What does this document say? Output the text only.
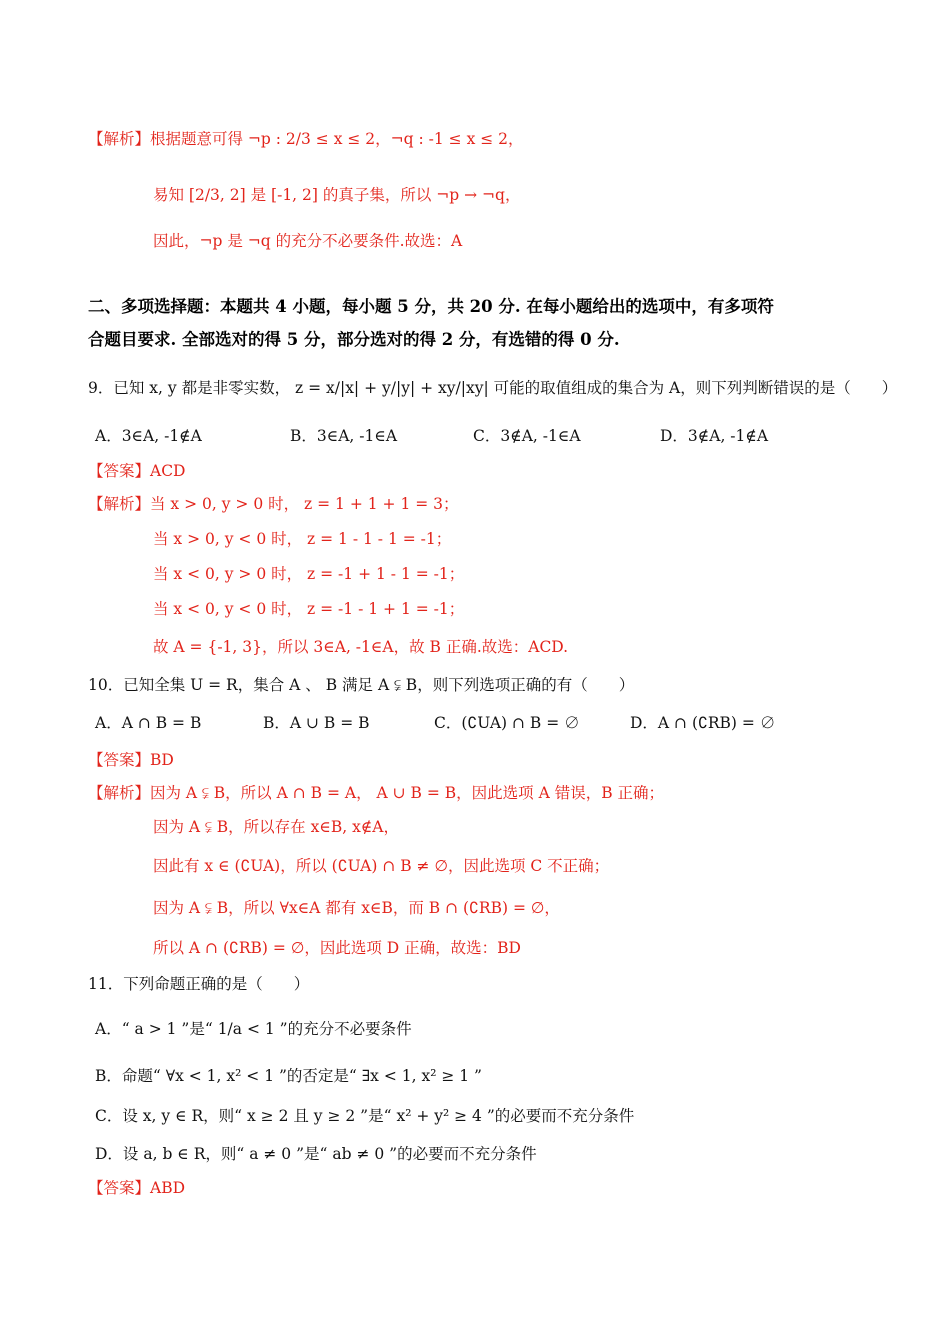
【解析】根据题意可得 ¬p : 2/3 ≤ x ≤ 2，¬q : -1 ≤ x ≤ 2，
易知 [2/3, 2] 是 [-1, 2] 的真子集，所以 ¬p → ¬q，
因此，¬p 是 ¬q 的充分不必要条件.故选：A
二、多项选择题：本题共 4 小题，每小题 5 分，共 20 分. 在每小题给出的选项中，有多项符
合题目要求. 全部选对的得 5 分，部分选对的得 2 分，有选错的得 0 分.
9．已知 x, y 都是非零实数， z = x/|x| + y/|y| + xy/|xy| 可能的取值组成的集合为 A，则下列判断错误的是（　　）
A．3∈A, -1∉A	B．3∈A, -1∈A	C．3∉A, -1∈A	D．3∉A, -1∉A
【答案】ACD
【解析】当 x > 0, y > 0 时， z = 1 + 1 + 1 = 3；
当 x > 0, y < 0 时， z = 1 - 1 - 1 = -1；
当 x < 0, y > 0 时， z = -1 + 1 - 1 = -1；
当 x < 0, y < 0 时， z = -1 - 1 + 1 = -1；
故 A = {-1, 3}，所以 3∈A, -1∈A，故 B 正确.故选：ACD.
10．已知全集 U = R，集合 A 、 B 满足 A ⫋ B，则下列选项正确的有（　　）
A．A ∩ B = B	B．A ∪ B = B	C．(∁UA) ∩ B = ∅	D．A ∩ (∁RB) = ∅
【答案】BD
【解析】因为 A ⫋ B，所以 A ∩ B = A， A ∪ B = B，因此选项 A 错误，B 正确；
因为 A ⫋ B，所以存在 x∈B, x∉A，
因此有 x ∈ (∁UA)，所以 (∁UA) ∩ B ≠ ∅，因此选项 C 不正确；
因为 A ⫋ B，所以 ∀x∈A 都有 x∈B，而 B ∩ (∁RB) = ∅，
所以 A ∩ (∁RB) = ∅，因此选项 D 正确，故选：BD
11．下列命题正确的是（　　）
A．“ a > 1 ”是“ 1/a < 1 ”的充分不必要条件
B．命题“ ∀x < 1, x² < 1 ”的否定是“ ∃x < 1, x² ≥ 1 ”
C．设 x, y ∈ R，则“ x ≥ 2 且 y ≥ 2 ”是“ x² + y² ≥ 4 ”的必要而不充分条件
D．设 a, b ∈ R，则“ a ≠ 0 ”是“ ab ≠ 0 ”的必要而不充分条件
【答案】ABD
